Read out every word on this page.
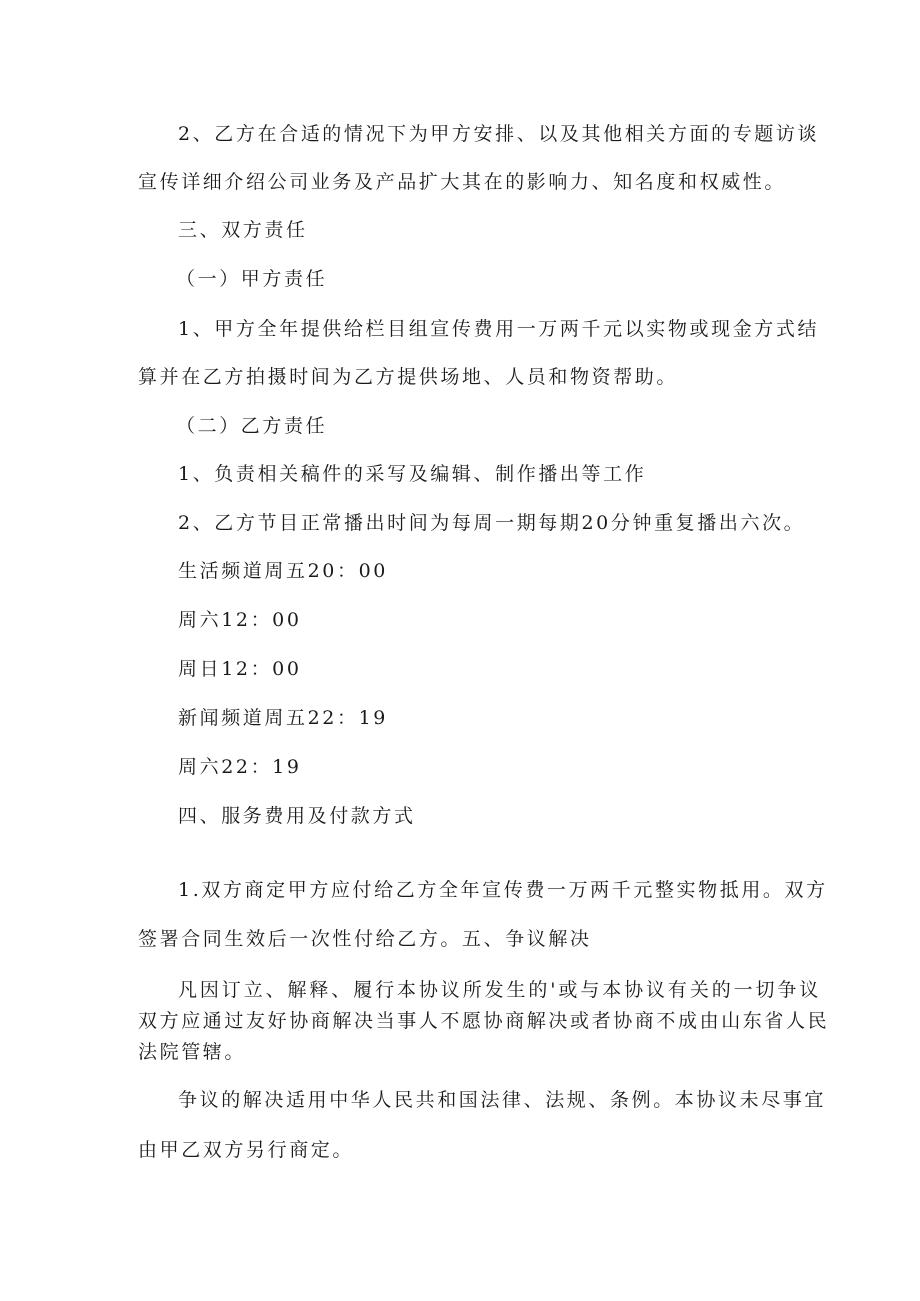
2、乙方在合适的情况下为甲方安排、以及其他相关方面的专题访谈
宣传详细介绍公司业务及产品扩大其在的影响力、知名度和权威性。
三、双方责任
（一）甲方责任
1、甲方全年提供给栏目组宣传费用一万两千元以实物或现金方式结
算并在乙方拍摄时间为乙方提供场地、人员和物资帮助。
（二）乙方责任
1、负责相关稿件的采写及编辑、制作播出等工作
2、乙方节目正常播出时间为每周一期每期20分钟重复播出六次。
生活频道周五20：00
周六12：00
周日12：00
新闻频道周五22：19
周六22：19
四、服务费用及付款方式
1.双方商定甲方应付给乙方全年宣传费一万两千元整实物抵用。双方
签署合同生效后一次性付给乙方。五、争议解决
凡因订立、解释、履行本协议所发生的'或与本协议有关的一切争议
双方应通过友好协商解决当事人不愿协商解决或者协商不成由山东省人民
法院管辖。
争议的解决适用中华人民共和国法律、法规、条例。本协议未尽事宜
由甲乙双方另行商定。
